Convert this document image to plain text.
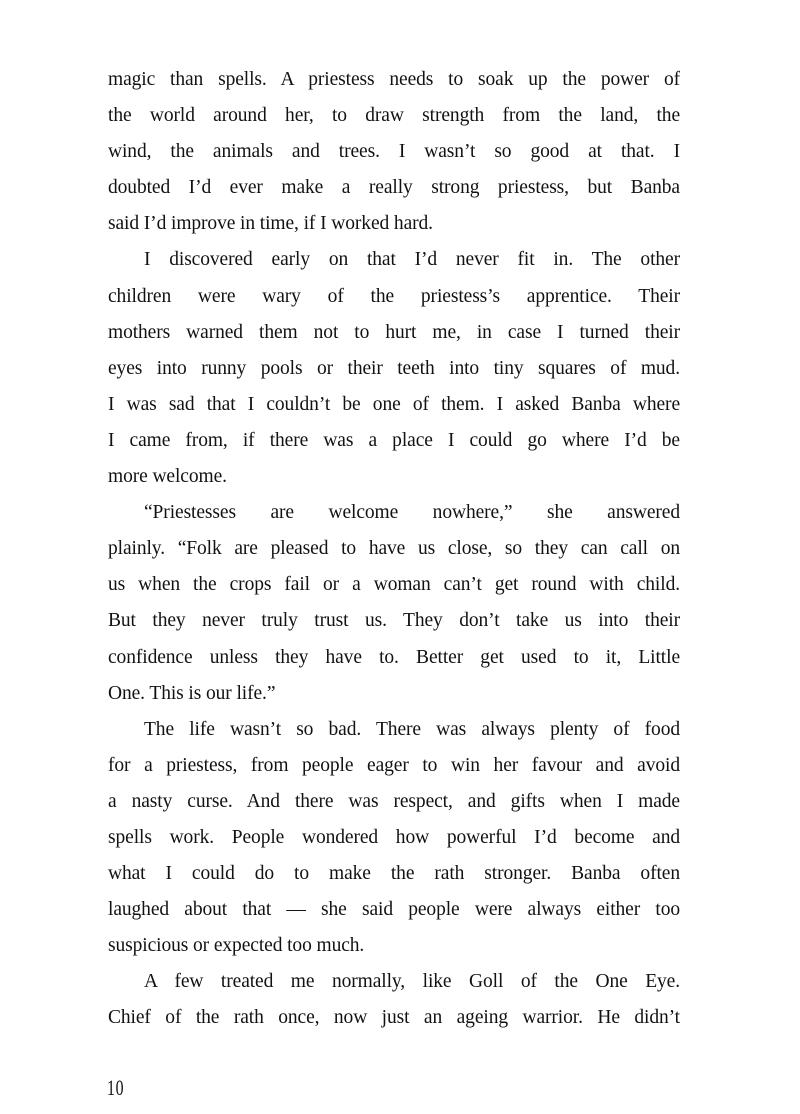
magic than spells. A priestess needs to soak up the power of
the world around her, to draw strength from the land, the
wind, the animals and trees. I wasn’t so good at that. I
doubted I’d ever make a really strong priestess, but Banba
said I’d improve in time, if I worked hard.
I discovered early on that I’d never fit in. The other
children were wary of the priestess’s apprentice. Their
mothers warned them not to hurt me, in case I turned their
eyes into runny pools or their teeth into tiny squares of mud.
I was sad that I couldn’t be one of them. I asked Banba where
I came from, if there was a place I could go where I’d be
more welcome.
“Priestesses are welcome nowhere,” she answered
plainly. “Folk are pleased to have us close, so they can call on
us when the crops fail or a woman can’t get round with child.
But they never truly trust us. They don’t take us into their
confidence unless they have to. Better get used to it, Little
One. This is our life.”
The life wasn’t so bad. There was always plenty of food
for a priestess, from people eager to win her favour and avoid
a nasty curse. And there was respect, and gifts when I made
spells work. People wondered how powerful I’d become and
what I could do to make the rath stronger. Banba often
laughed about that — she said people were always either too
suspicious or expected too much.
A few treated me normally, like Goll of the One Eye.
Chief of the rath once, now just an ageing warrior. He didn’t
10
